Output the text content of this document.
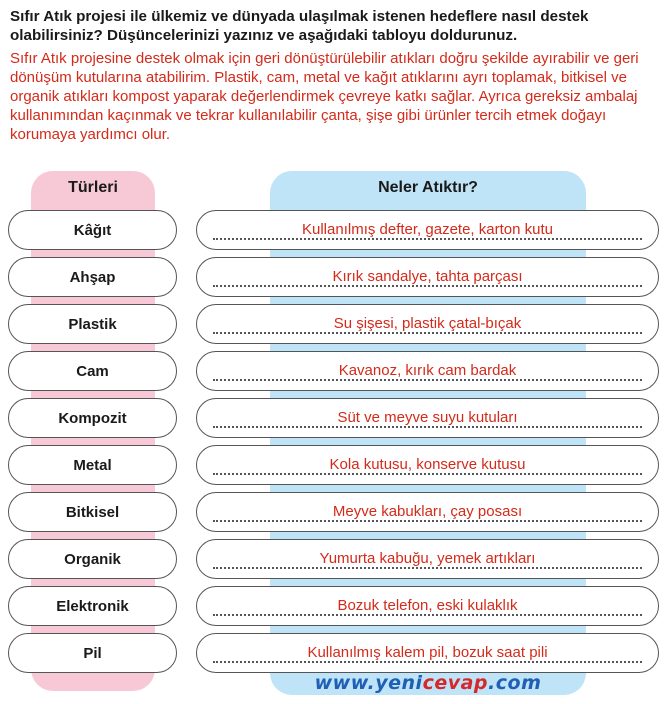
Sıfır Atık projesi ile ülkemiz ve dünyada ulaşılmak istenen hedeflere nasıl destek olabilirsiniz? Düşüncelerinizi yazınız ve aşağıdaki tabloyu doldurunuz.
Sıfır Atık projesine destek olmak için geri dönüştürülebilir atıkları doğru şekilde ayırabilir ve geri dönüşüm kutularına atabilirim. Plastik, cam, metal ve kağıt atıklarını ayrı toplamak, bitkisel ve organik atıkları kompost yaparak değerlendirmek çevreye katkı sağlar. Ayrıca gereksiz ambalaj kullanımından kaçınmak ve tekrar kullanılabilir çanta, şişe gibi ürünler tercih etmek doğayı korumaya yardımcı olur.
Türleri	Neler Atıktır?
Kâğıt	Kullanılmış defter, gazete, karton kutu
Ahşap	Kırık sandalye, tahta parçası
Plastik	Su şişesi, plastik çatal-bıçak
Cam	Kavanoz, kırık cam bardak
Kompozit	Süt ve meyve suyu kutuları
Metal	Kola kutusu, konserve kutusu
Bitkisel	Meyve kabukları, çay posası
Organik	Yumurta kabuğu, yemek artıkları
Elektronik	Bozuk telefon, eski kulaklık
Pil	Kullanılmış kalem pil, bozuk saat pili
www.yenicevap.com
